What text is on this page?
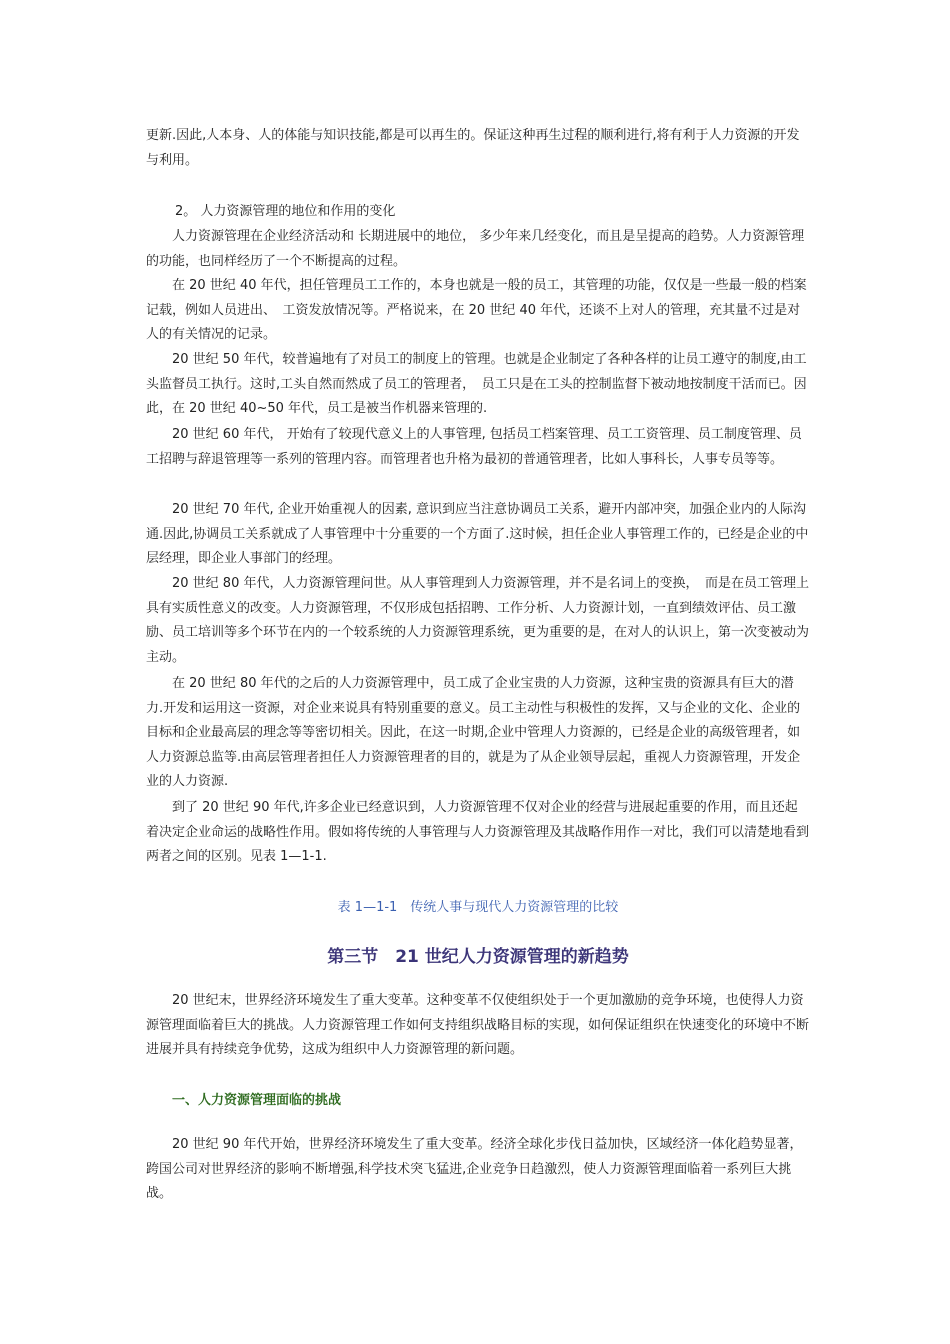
更新.因此,人本身、人的体能与知识技能,都是可以再生的。保证这种再生过程的顺利进行,将有利于人力资源的开发与利用。

2。 人力资源管理的地位和作用的变化

人力资源管理在企业经济活动和 长期进展中的地位， 多少年来几经变化，而且是呈提高的趋势。人力资源管理的功能，也同样经历了一个不断提高的过程。

在 20 世纪 40 年代，担任管理员工工作的，本身也就是一般的员工，其管理的功能，仅仅是一些最一般的档案记载，例如人员进出、　工资发放情况等。严格说来，在 20 世纪 40 年代，还谈不上对人的管理，充其量不过是对人的有关情况的记录。

20 世纪 50 年代，较普遍地有了对员工的制度上的管理。也就是企业制定了各种各样的让员工遵守的制度,由工头监督员工执行。这时,工头自然而然成了员工的管理者，　员工只是在工头的控制监督下被动地按制度干活而已。因此，在 20 世纪 40~50 年代，员工是被当作机器来管理的.

20 世纪 60 年代， 开始有了较现代意义上的人事管理, 包括员工档案管理、员工工资管理、员工制度管理、员工招聘与辞退管理等一系列的管理内容。而管理者也升格为最初的普通管理者，比如人事科长，人事专员等等。

20 世纪 70 年代, 企业开始重视人的因素, 意识到应当注意协调员工关系，避开内部冲突，加强企业内的人际沟通.因此,协调员工关系就成了人事管理中十分重要的一个方面了.这时候，担任企业人事管理工作的，已经是企业的中层经理，即企业人事部门的经理。

20 世纪 80 年代，人力资源管理问世。从人事管理到人力资源管理，并不是名词上的变换，　而是在员工管理上具有实质性意义的改变。人力资源管理，不仅形成包括招聘、工作分析、人力资源计划，一直到绩效评估、员工激励、员工培训等多个环节在内的一个较系统的人力资源管理系统，更为重要的是，在对人的认识上，第一次变被动为主动。

在 20 世纪 80 年代的之后的人力资源管理中，员工成了企业宝贵的人力资源，这种宝贵的资源具有巨大的潜力.开发和运用这一资源，对企业来说具有特别重要的意义。员工主动性与积极性的发挥，又与企业的文化、企业的目标和企业最高层的理念等等密切相关。因此，在这一时期,企业中管理人力资源的，已经是企业的高级管理者，如人力资源总监等.由高层管理者担任人力资源管理者的目的，就是为了从企业领导层起，重视人力资源管理，开发企业的人力资源.

到了 20 世纪 90 年代,许多企业已经意识到，人力资源管理不仅对企业的经营与进展起重要的作用，而且还起着决定企业命运的战略性作用。假如将传统的人事管理与人力资源管理及其战略作用作一对比，我们可以清楚地看到两者之间的区别。见表 1—1-1.

表 1—1-1　传统人事与现代人力资源管理的比较

第三节　21 世纪人力资源管理的新趋势

20 世纪末，世界经济环境发生了重大变革。这种变革不仅使组织处于一个更加激励的竞争环境，也使得人力资源管理面临着巨大的挑战。人力资源管理工作如何支持组织战略目标的实现，如何保证组织在快速变化的环境中不断进展并具有持续竞争优势，这成为组织中人力资源管理的新问题。

一、人力资源管理面临的挑战

20 世纪 90 年代开始，世界经济环境发生了重大变革。经济全球化步伐日益加快，区域经济一体化趋势显著，跨国公司对世界经济的影响不断增强,科学技术突飞猛进,企业竞争日趋激烈，使人力资源管理面临着一系列巨大挑战。
